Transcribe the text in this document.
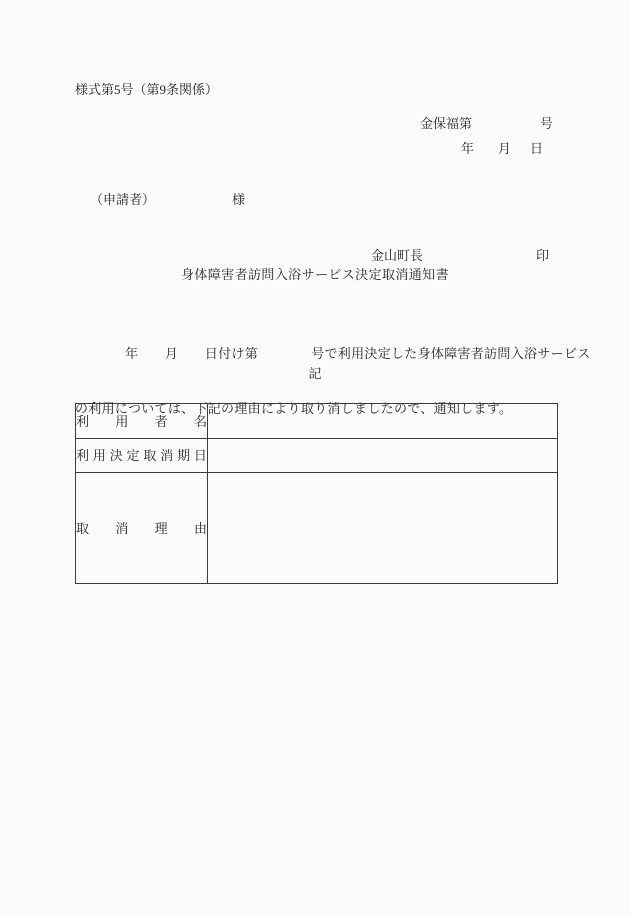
様式第5号（第9条関係）

金保福第	号

年 月 日

（申請者）	様

金山町長	印

身体障害者訪問入浴サービス決定取消通知書

年　　月　　日付け第　　　　号で利用決定した身体障害者訪問入浴サービス

の利用については、下記の理由により取り消しましたので、通知します。

記
利 用 者 名	

利 用 決 定 取 消 期 日

取 消 理 由	
